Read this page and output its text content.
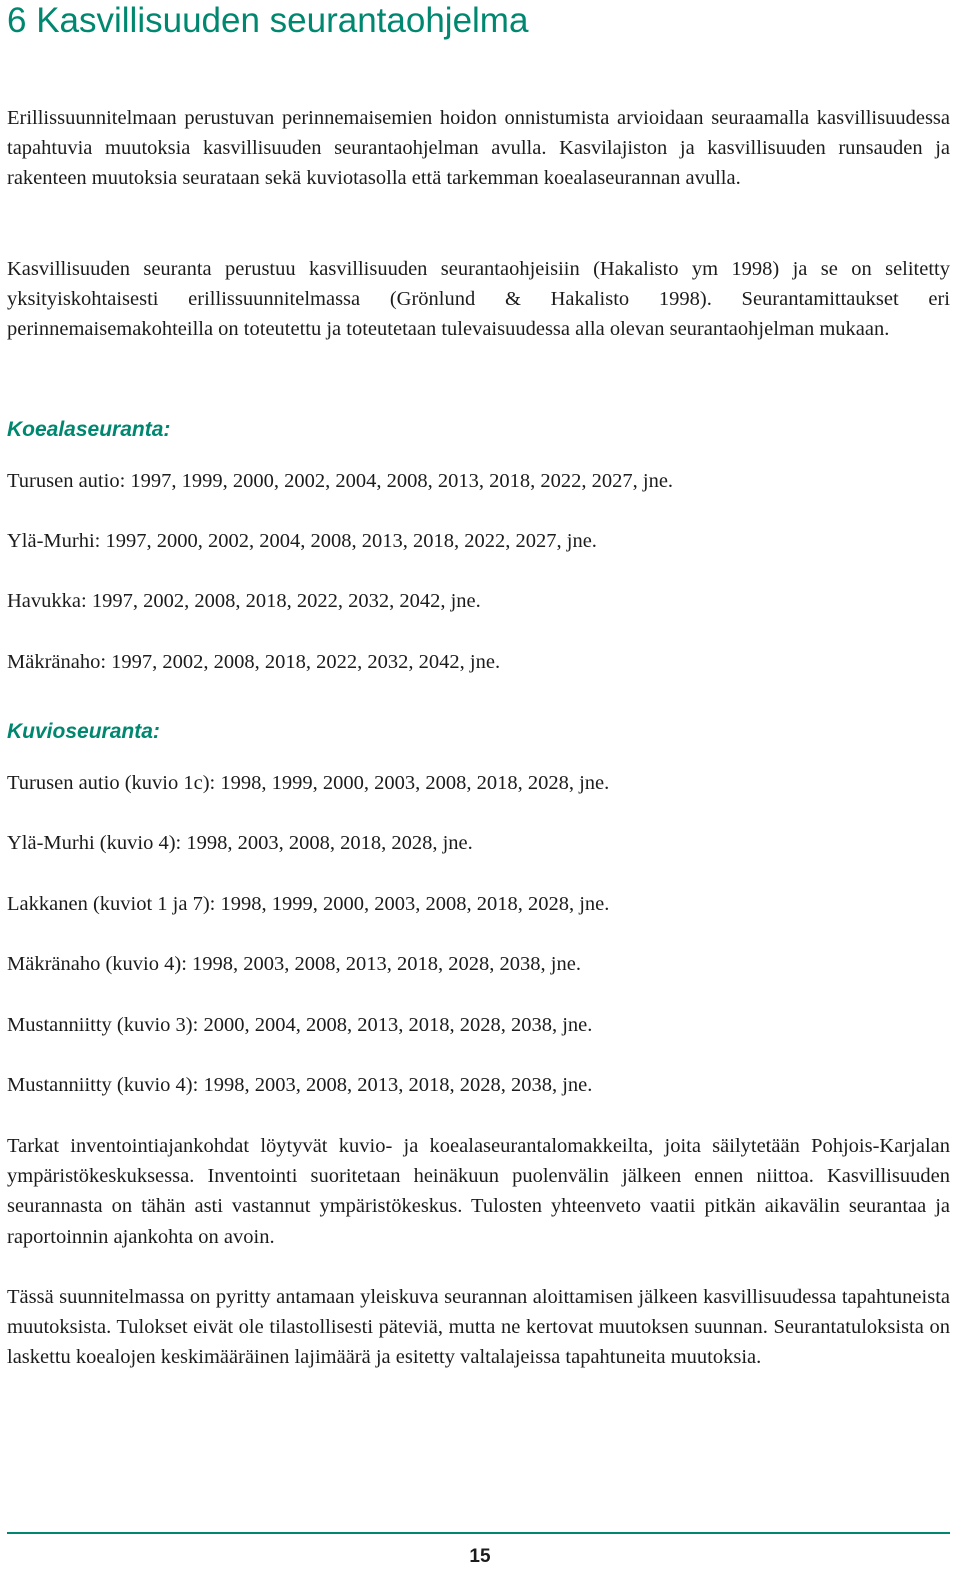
6 Kasvillisuuden seurantaohjelma

Erillissuunnitelmaan perustuvan perinnemaisemien hoidon onnistumista arvioidaan seuraamalla kasvillisuudessa tapahtuvia muutoksia kasvillisuuden seurantaohjelman avulla. Kasvilajiston ja kasvillisuuden runsauden ja rakenteen muutoksia seurataan sekä kuviotasolla että tarkemman koealaseurannan avulla.

Kasvillisuuden seuranta perustuu kasvillisuuden seurantaohjeisiin (Hakalisto ym 1998) ja se on selitetty yksityiskohtaisesti erillissuunnitelmassa (Grönlund & Hakalisto 1998). Seurantamittaukset eri perinnemaisemakohteilla on toteutettu ja toteutetaan tulevaisuudessa alla olevan seurantaohjelman mukaan.

Koealaseuranta:

Turusen autio: 1997, 1999, 2000, 2002, 2004, 2008, 2013, 2018, 2022, 2027, jne.

Ylä-Murhi: 1997, 2000, 2002, 2004, 2008, 2013, 2018, 2022, 2027, jne.

Havukka: 1997, 2002, 2008, 2018, 2022, 2032, 2042, jne.

Mäkränaho: 1997, 2002, 2008, 2018, 2022, 2032, 2042, jne.

Kuvioseuranta:

Turusen autio (kuvio 1c): 1998, 1999, 2000, 2003, 2008, 2018, 2028, jne.

Ylä-Murhi (kuvio 4): 1998, 2003, 2008, 2018, 2028, jne.

Lakkanen (kuviot 1 ja 7): 1998, 1999, 2000, 2003, 2008, 2018, 2028, jne.

Mäkränaho (kuvio 4): 1998, 2003, 2008, 2013, 2018, 2028, 2038, jne.

Mustanniitty (kuvio 3): 2000, 2004, 2008, 2013, 2018, 2028, 2038, jne.

Mustanniitty (kuvio 4): 1998, 2003, 2008, 2013, 2018, 2028, 2038, jne.

Tarkat inventointiajankohdat löytyvät kuvio- ja koealaseurantalomakkeilta, joita säilytetään Pohjois-Karjalan ympäristökeskuksessa. Inventointi suoritetaan heinäkuun puolenvälin jälkeen ennen niittoa. Kasvillisuuden seurannasta on tähän asti vastannut ympäristökeskus. Tulosten yhteenveto vaatii pitkän aikavälin seurantaa ja raportoinnin ajankohta on avoin.

Tässä suunnitelmassa on pyritty antamaan yleiskuva seurannan aloittamisen jälkeen kasvillisuudessa tapahtuneista muutoksista. Tulokset eivät ole tilastollisesti päteviä, mutta ne kertovat muutoksen suunnan. Seurantatuloksista on laskettu koealojen keskimääräinen lajimäärä ja esitetty valtalajeissa tapahtuneita muutoksia.

15
